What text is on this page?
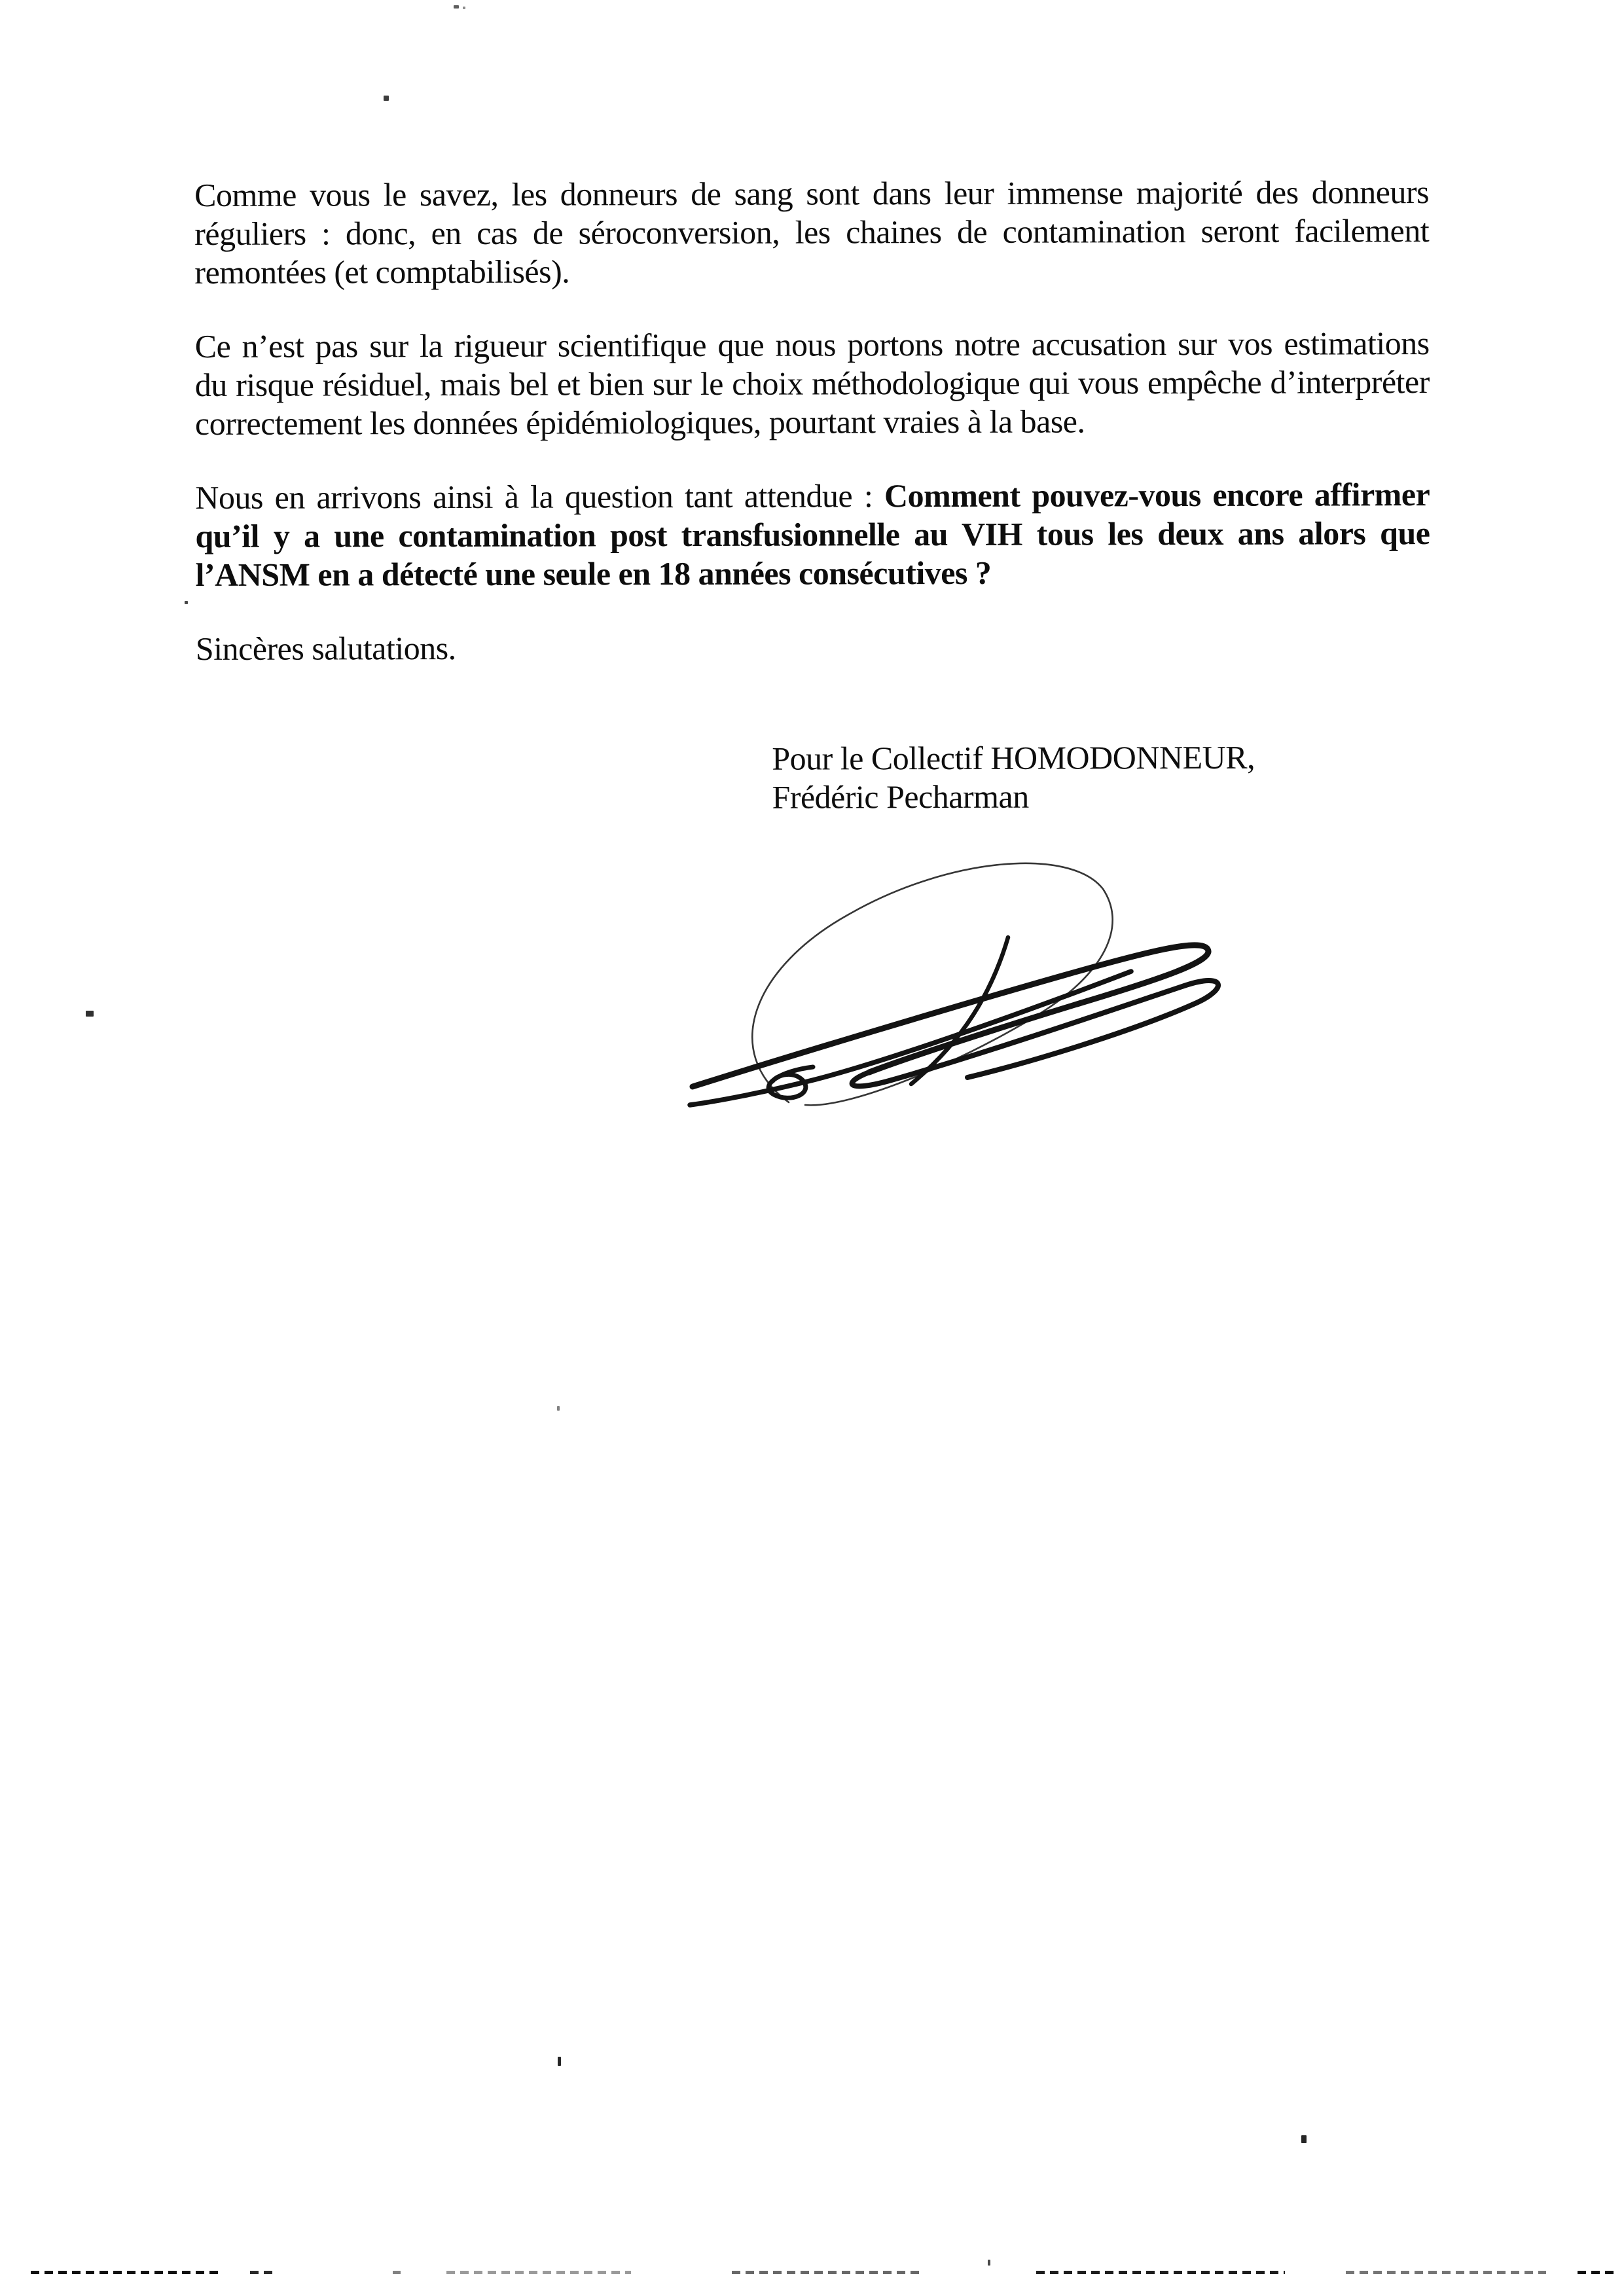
Comme vous le savez, les donneurs de sang sont dans leur immense majorité des donneurs
réguliers : donc, en cas de séroconversion, les chaines de contamination seront facilement
remontées (et comptabilisés).

Ce n’est pas sur la rigueur scientifique que nous portons notre accusation sur vos estimations
du risque résiduel, mais bel et bien sur le choix méthodologique qui vous empêche d’interpréter
correctement les données épidémiologiques, pourtant vraies à la base.

Nous en arrivons ainsi à la question tant attendue : Comment pouvez-vous encore affirmer
qu’il y a une contamination post transfusionnelle au VIH tous les deux ans alors que
l’ANSM en a détecté une seule en 18 années consécutives ?

Sincères salutations.

Pour le Collectif HOMODONNEUR,
Frédéric Pecharman
